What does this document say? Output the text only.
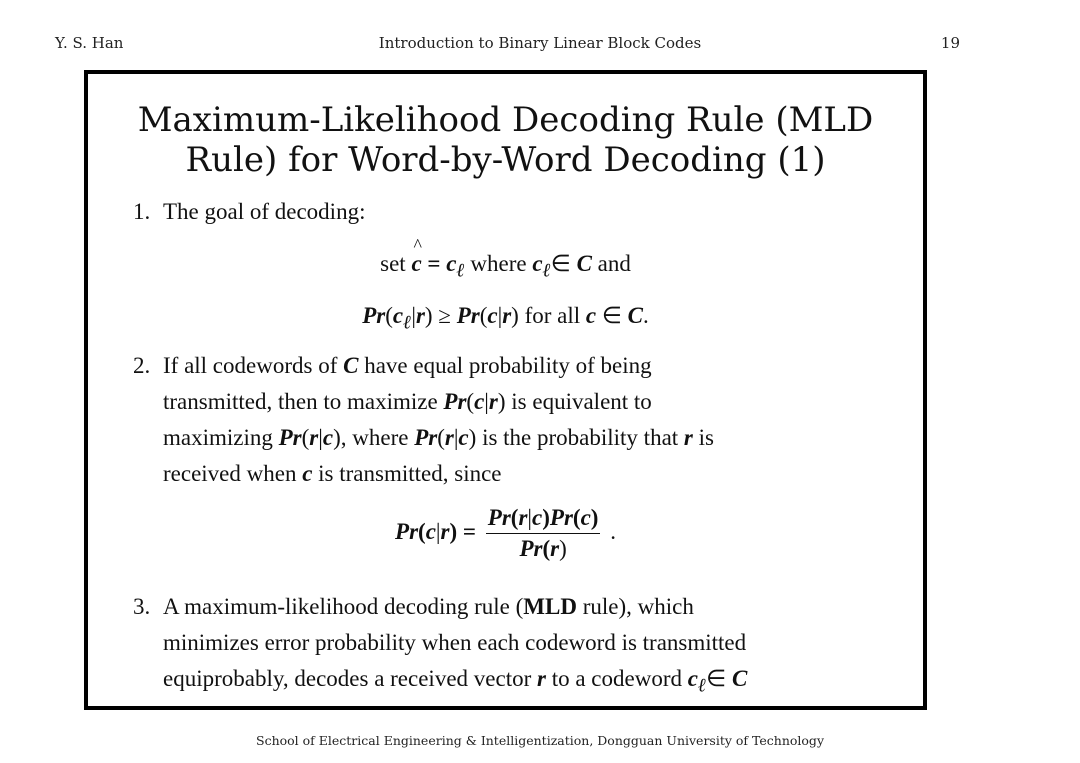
Y. S. Han	Introduction to Binary Linear Block Codes	19
Maximum-Likelihood Decoding Rule (MLD
Rule) for Word-by-Word Decoding (1)
1. The goal of decoding:
set ^ $c = c_\ell$ where $c_\ell\in$ C and
$Pr(c_\ell|r) \ge Pr(c|r)$ for all c ∈ C.
2. If all codewords of C have equal probability of being
transmitted, then to maximize Pr(c|r) is equivalent to
maximizing Pr(r|c), where Pr(r|c) is the probability that r is
received when c is transmitted, since
$Pr(c|r) = \frac{Pr(r|c)Pr(c)}{Pr(r)}$ .
3. A maximum-likelihood decoding rule (MLD rule), which
minimizes error probability when each codeword is transmitted
equiprobably, decodes a received vector r to a codeword $c_\ell\in$ C
School of Electrical Engineering & Intelligentization, Dongguan University of Technology
